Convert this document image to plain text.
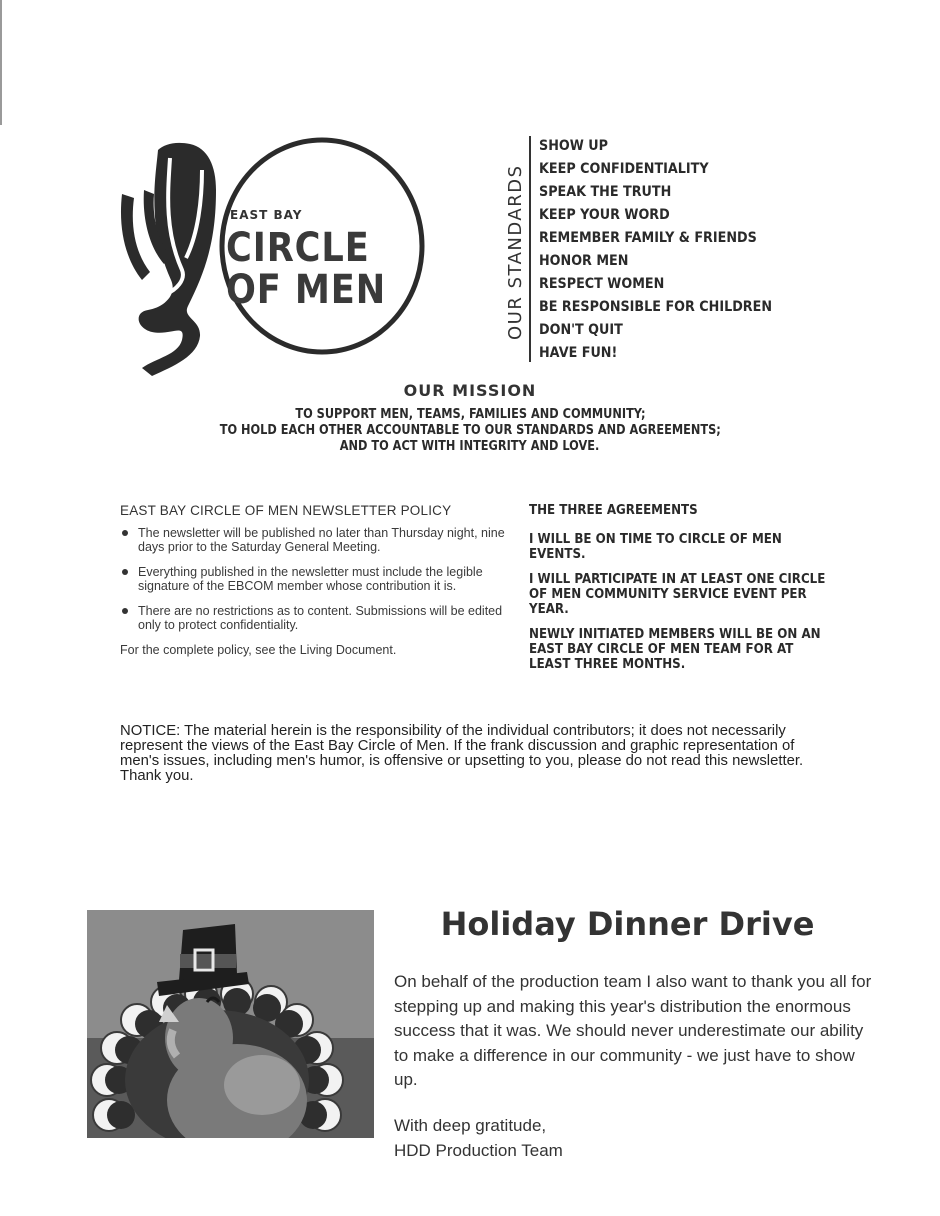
EAST BAY
CIRCLE
OF MEN	OUR STANDARDS
SHOW UP
KEEP CONFIDENTIALITY
SPEAK THE TRUTH
KEEP YOUR WORD
REMEMBER FAMILY & FRIENDS
HONOR MEN
RESPECT WOMEN
BE RESPONSIBLE FOR CHILDREN
DON'T QUIT
HAVE FUN!
OUR MISSION
TO SUPPORT MEN, TEAMS, FAMILIES AND COMMUNITY;
TO HOLD EACH OTHER ACCOUNTABLE TO OUR STANDARDS AND AGREEMENTS;
AND TO ACT WITH INTEGRITY AND LOVE.
EAST BAY CIRCLE OF MEN NEWSLETTER POLICY
The newsletter will be published no later than Thursday night, nine days prior to the Saturday General Meeting.
Everything published in the newsletter must include the legible signature of the EBCOM member whose contribution it is.
There are no restrictions as to content. Submissions will be edited only to protect confidentiality.
For the complete policy, see the Living Document.
THE THREE AGREEMENTS
I WILL BE ON TIME TO CIRCLE OF MEN EVENTS.
I WILL PARTICIPATE IN AT LEAST ONE CIRCLE OF MEN COMMUNITY SERVICE EVENT PER YEAR.
NEWLY INITIATED MEMBERS WILL BE ON AN EAST BAY CIRCLE OF MEN TEAM FOR AT LEAST THREE MONTHS.
NOTICE: The material herein is the responsibility of the individual contributors; it does not necessarily represent the views of the East Bay Circle of Men. If the frank discussion and graphic representation of men's issues, including men's humor, is offensive or upsetting to you, please do not read this newsletter. Thank you.
Holiday Dinner Drive
On behalf of the production team I also want to thank you all for stepping up and making this year's distribution the enormous success that it was. We should never underestimate our ability to make a difference in our community - we just have to show up.
With deep gratitude,
HDD Production Team
